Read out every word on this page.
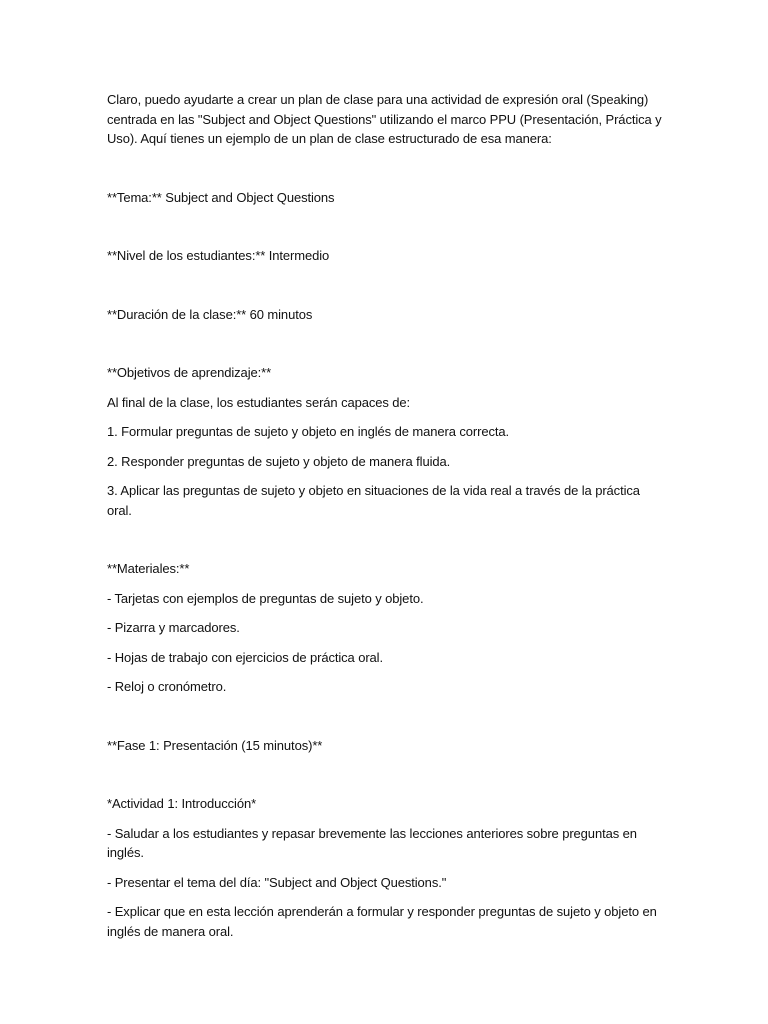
Claro, puedo ayudarte a crear un plan de clase para una actividad de expresión oral (Speaking) centrada en las "Subject and Object Questions" utilizando el marco PPU (Presentación, Práctica y Uso). Aquí tienes un ejemplo de un plan de clase estructurado de esa manera:

**Tema:** Subject and Object Questions

**Nivel de los estudiantes:** Intermedio

**Duración de la clase:** 60 minutos

**Objetivos de aprendizaje:**

Al final de la clase, los estudiantes serán capaces de:

1. Formular preguntas de sujeto y objeto en inglés de manera correcta.

2. Responder preguntas de sujeto y objeto de manera fluida.

3. Aplicar las preguntas de sujeto y objeto en situaciones de la vida real a través de la práctica oral.

**Materiales:**

- Tarjetas con ejemplos de preguntas de sujeto y objeto.

- Pizarra y marcadores.

- Hojas de trabajo con ejercicios de práctica oral.

- Reloj o cronómetro.

**Fase 1: Presentación (15 minutos)**

*Actividad 1: Introducción*

- Saludar a los estudiantes y repasar brevemente las lecciones anteriores sobre preguntas en inglés.

- Presentar el tema del día: "Subject and Object Questions."

- Explicar que en esta lección aprenderán a formular y responder preguntas de sujeto y objeto en inglés de manera oral.
